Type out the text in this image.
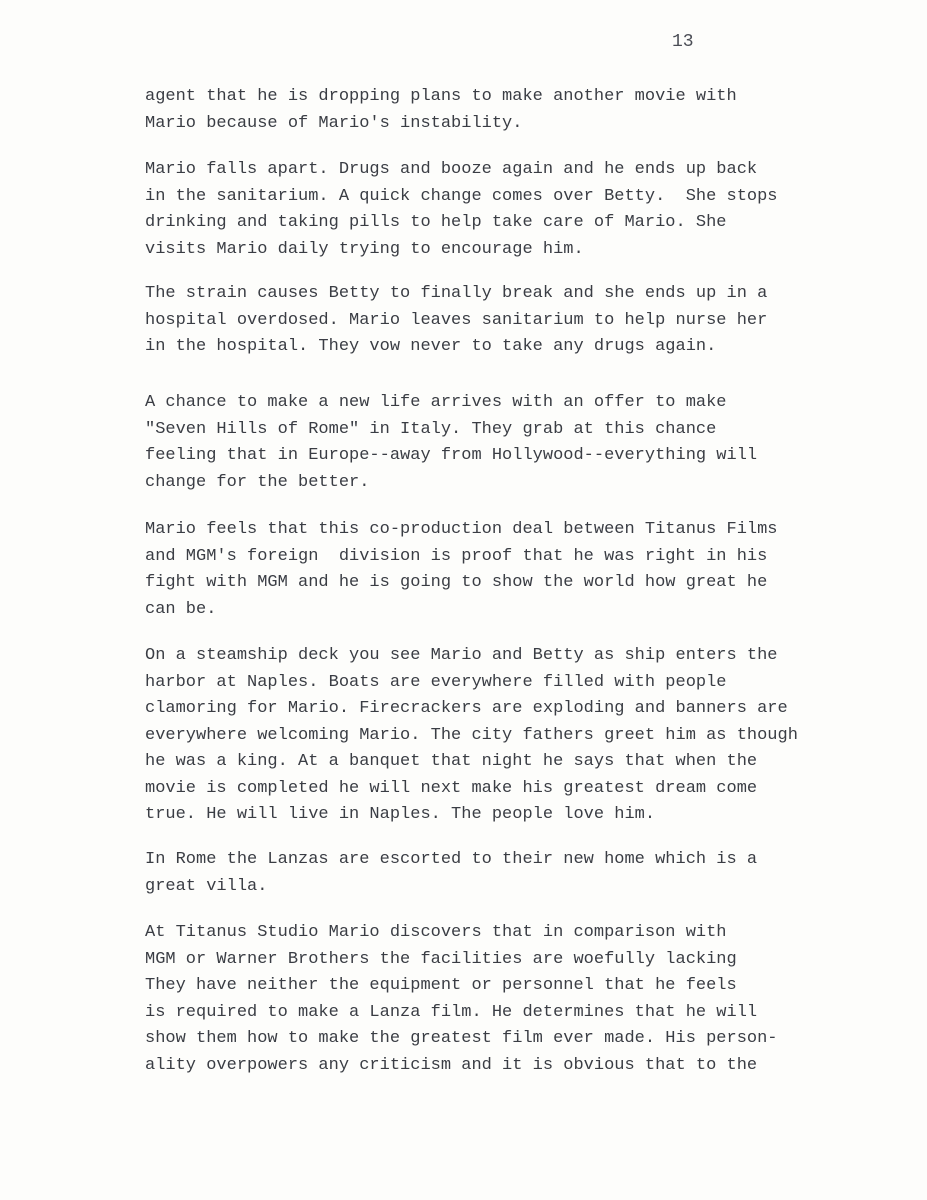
13
agent that he is dropping plans to make another movie with
Mario because of Mario's instability.
Mario falls apart. Drugs and booze again and he ends up back
in the sanitarium. A quick change comes over Betty.  She stops
drinking and taking pills to help take care of Mario. She
visits Mario daily trying to encourage him.
The strain causes Betty to finally break and she ends up in a
hospital overdosed. Mario leaves sanitarium to help nurse her
in the hospital. They vow never to take any drugs again.
A chance to make a new life arrives with an offer to make
"Seven Hills of Rome" in Italy. They grab at this chance
feeling that in Europe--away from Hollywood--everything will
change for the better.
Mario feels that this co-production deal between Titanus Films
and MGM's foreign  division is proof that he was right in his
fight with MGM and he is going to show the world how great he
can be.
On a steamship deck you see Mario and Betty as ship enters the
harbor at Naples. Boats are everywhere filled with people
clamoring for Mario. Firecrackers are exploding and banners are
everywhere welcoming Mario. The city fathers greet him as though
he was a king. At a banquet that night he says that when the
movie is completed he will next make his greatest dream come
true. He will live in Naples. The people love him.
In Rome the Lanzas are escorted to their new home which is a
great villa.
At Titanus Studio Mario discovers that in comparison with
MGM or Warner Brothers the facilities are woefully lacking
They have neither the equipment or personnel that he feels
is required to make a Lanza film. He determines that he will
show them how to make the greatest film ever made. His person-
ality overpowers any criticism and it is obvious that to the
